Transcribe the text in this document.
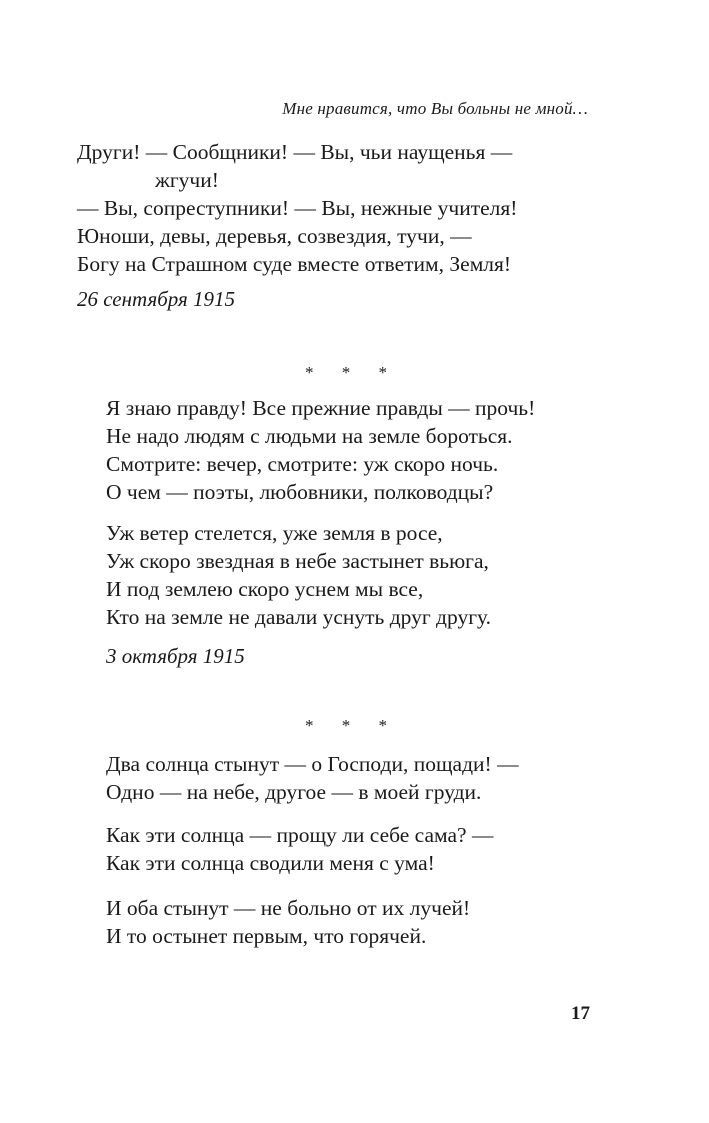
Мне нравится, что Вы больны не мной…
Други! — Сообщники! — Вы, чьи наущенья —
жгучи!
— Вы, сопреступники! — Вы, нежные учителя!
Юноши, девы, деревья, созвездия, тучи, —
Богу на Страшном суде вместе ответим, Земля!
26 сентября 1915
* * *
Я знаю правду! Все прежние правды — прочь!
Не надо людям с людьми на земле бороться.
Смотрите: вечер, смотрите: уж скоро ночь.
О чем — поэты, любовники, полководцы?
Уж ветер стелется, уже земля в росе,
Уж скоро звездная в небе застынет вьюга,
И под землею скоро уснем мы все,
Кто на земле не давали уснуть друг другу.
3 октября 1915
* * *
Два солнца стынут — о Господи, пощади! —
Одно — на небе, другое — в моей груди.
Как эти солнца — прощу ли себе сама? —
Как эти солнца сводили меня с ума!
И оба стынут — не больно от их лучей!
И то остынет первым, что горячей.
17
